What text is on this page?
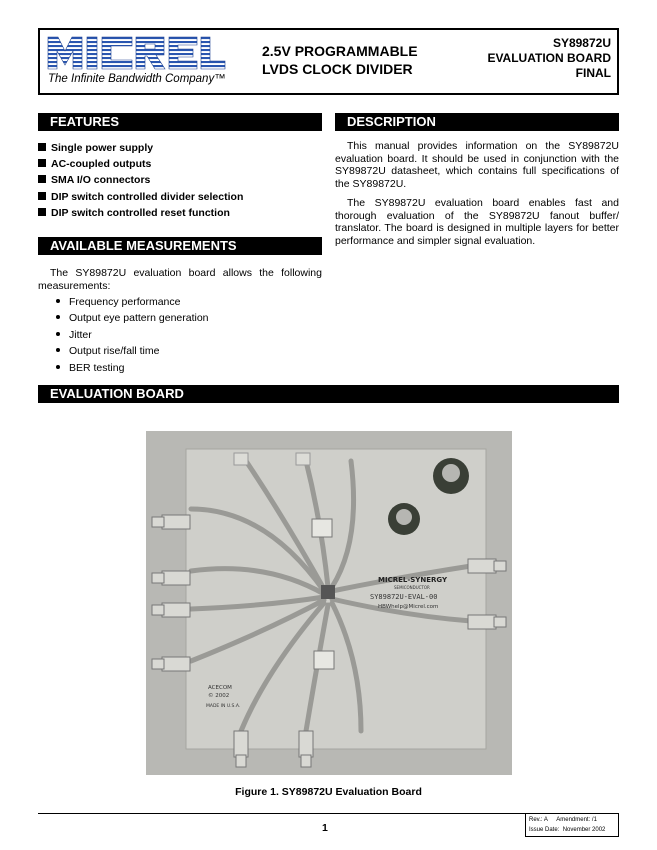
The Infinite Bandwidth Company™
2.5V PROGRAMMABLE
LVDS CLOCK DIVIDER
SY89872U
EVALUATION BOARD
FINAL
FEATURES
Single power supply
AC-coupled outputs
SMA I/O connectors
DIP switch controlled divider selection
DIP switch controlled reset function
AVAILABLE MEASUREMENTS
The SY89872U evaluation board allows the following measurements:
Frequency performance
Output eye pattern generation
Jitter
Output rise/fall time
BER testing
DESCRIPTION
This manual provides information on the SY89872U evaluation board. It should be used in conjunction with the SY89872U datasheet, which contains full specifications of the SY89872U.
The SY89872U evaluation board enables fast and thorough evaluation of the SY89872U fanout buffer/ translator. The board is designed in multiple layers for better performance and simpler signal evaluation.
EVALUATION BOARD
MICREL-SYNERGY
SEMICONDUCTOR
SY89872U-EVAL-00
HBWhelp@Micrel.com
ACECOM
© 2002
MADE IN U.S.A.
Figure 1. SY89872U Evaluation Board
1
Rev.: A Amendment: /1
Issue Date: November 2002
